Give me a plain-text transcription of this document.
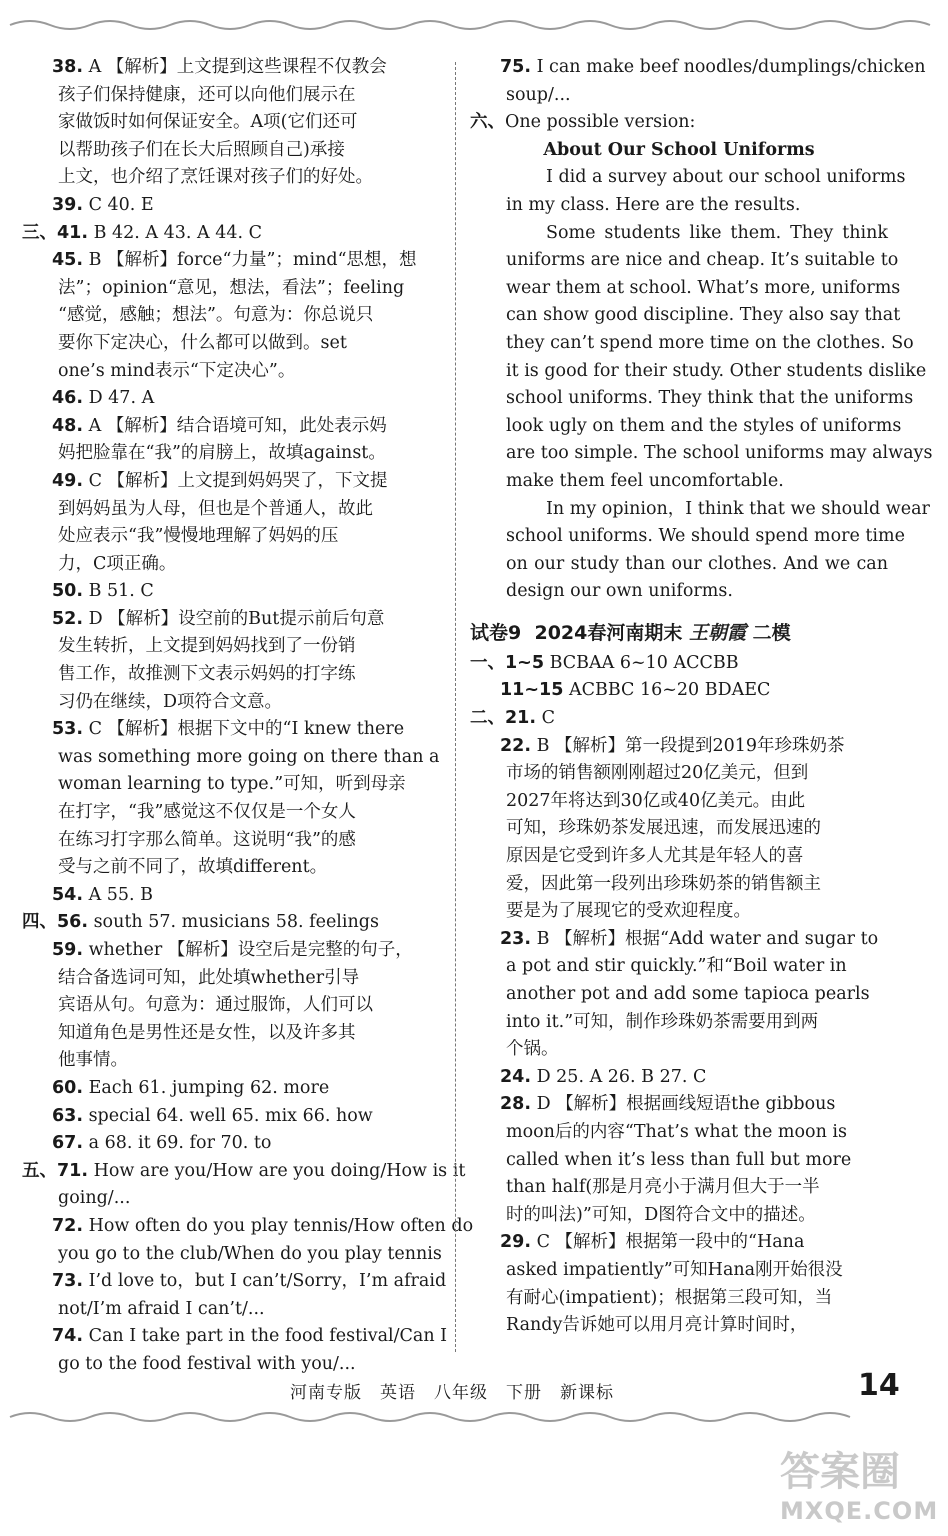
38. A 【解析】上文提到这些课程不仅教会
孩子们保持健康，还可以向他们展示在
家做饭时如何保证安全。A项(它们还可
以帮助孩子们在长大后照顾自己)承接
上文，也介绍了烹饪课对孩子们的好处。
39. C 40. E
三、41. B 42. A 43. A 44. C
45. B 【解析】force“力量”；mind“思想，想
法”；opinion“意见，想法，看法”；feeling
“感觉，感触；想法”。句意为：你总说只
要你下定决心，什么都可以做到。set
one’s mind表示“下定决心”。
46. D 47. A
48. A 【解析】结合语境可知，此处表示妈
妈把脸靠在“我”的肩膀上，故填against。
49. C 【解析】上文提到妈妈哭了，下文提
到妈妈虽为人母，但也是个普通人，故此
处应表示“我”慢慢地理解了妈妈的压
力，C项正确。
50. B 51. C
52. D 【解析】设空前的But提示前后句意
发生转折，上文提到妈妈找到了一份销
售工作，故推测下文表示妈妈的打字练
习仍在继续，D项符合文意。
53. C 【解析】根据下文中的“I knew there
was something more going on there than a
woman learning to type.”可知，听到母亲
在打字，“我”感觉这不仅仅是一个女人
在练习打字那么简单。这说明“我”的感
受与之前不同了，故填different。
54. A 55. B
四、56. south 57. musicians 58. feelings
59. whether 【解析】设空后是完整的句子，
结合备选词可知，此处填whether引导
宾语从句。句意为：通过服饰，人们可以
知道角色是男性还是女性，以及许多其
他事情。
60. Each 61. jumping 62. more
63. special 64. well 65. mix 66. how
67. a 68. it 69. for 70. to
五、71. How are you/How are you doing/How is it
going/...
72. How often do you play tennis/How often do
you go to the club/When do you play tennis
73. I’d love to，but I can’t/Sorry，I’m afraid
not/I’m afraid I can’t/...
74. Can I take part in the food festival/Can I
go to the food festival with you/...
75. I can make beef noodles/dumplings/chicken
soup/...
六、One possible version:
About Our School Uniforms
I did a survey about our school uniforms
in my class. Here are the results.
Some students like them. They think
uniforms are nice and cheap. It’s suitable to
wear them at school. What’s more, uniforms
can show good discipline. They also say that
they can’t spend more time on the clothes. So
it is good for their study. Other students dislike
school uniforms. They think that the uniforms
look ugly on them and the styles of uniforms
are too simple. The school uniforms may always
make them feel uncomfortable.
In my opinion，I think that we should wear
school uniforms. We should spend more time
on our study than our clothes. And we can
design our own uniforms.
试卷9 2024春河南期末 王朝霞 二模
一、1~5 BCBAA 6~10 ACCBB
11~15 ACBBC 16~20 BDAEC
二、21. C
22. B 【解析】第一段提到2019年珍珠奶茶
市场的销售额刚刚超过20亿美元，但到
2027年将达到30亿或40亿美元。由此
可知，珍珠奶茶发展迅速，而发展迅速的
原因是它受到许多人尤其是年轻人的喜
爱，因此第一段列出珍珠奶茶的销售额主
要是为了展现它的受欢迎程度。
23. B 【解析】根据“Add water and sugar to
a pot and stir quickly.”和“Boil water in
another pot and add some tapioca pearls
into it.”可知，制作珍珠奶茶需要用到两
个锅。
24. D 25. A 26. B 27. C
28. D 【解析】根据画线短语the gibbous
moon后的内容“That’s what the moon is
called when it’s less than full but more
than half(那是月亮小于满月但大于一半
时的叫法)”可知，D图符合文中的描述。
29. C 【解析】根据第一段中的“Hana
asked impatiently”可知Hana刚开始很没
有耐心(impatient)；根据第三段可知，当
Randy告诉她可以用月亮计算时间时，
河南专版　英语　八年级　下册　新课标	14
答案圈
MXQE.COM
